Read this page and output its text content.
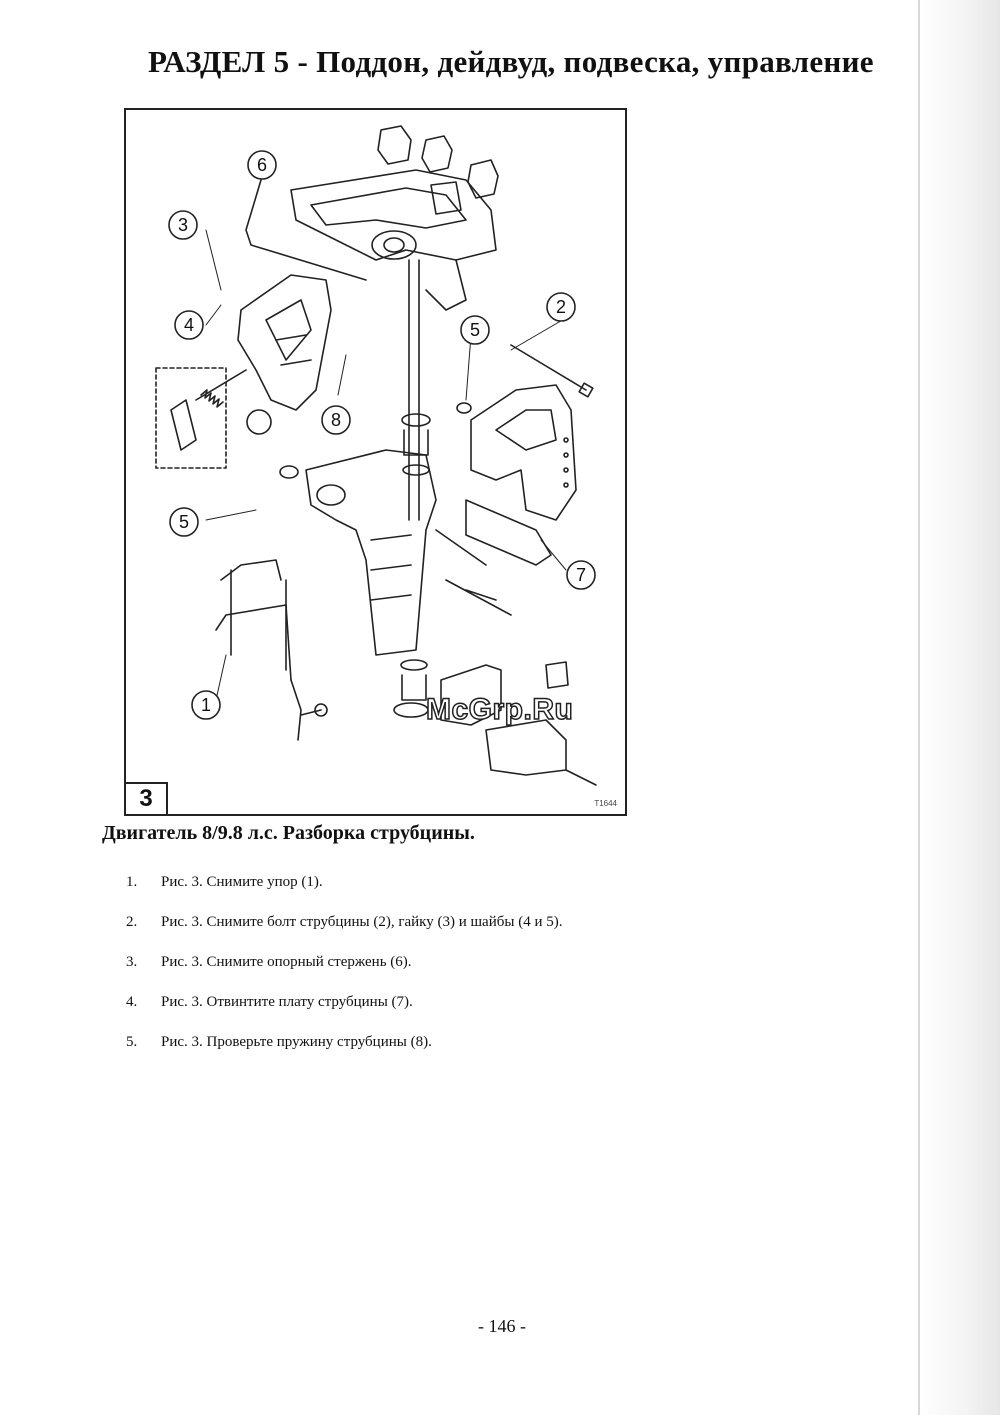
РАЗДЕЛ 5 - Поддон, дейдвуд, подвеска, управление
6
3
4
2
5
8
5
7
1	McGrp.Ru
3	T1644
Двигатель 8/9.8 л.с. Разборка струбцины.
1.	Рис. 3. Снимите упор (1).
2.	Рис. 3. Снимите болт струбцины (2), гайку (3) и шайбы (4 и 5).
3.	Рис. 3. Снимите опорный стержень (6).
4.	Рис. 3. Отвинтите плату струбцины (7).
5.	Рис. 3. Проверьте пружину струбцины (8).
- 146 -
